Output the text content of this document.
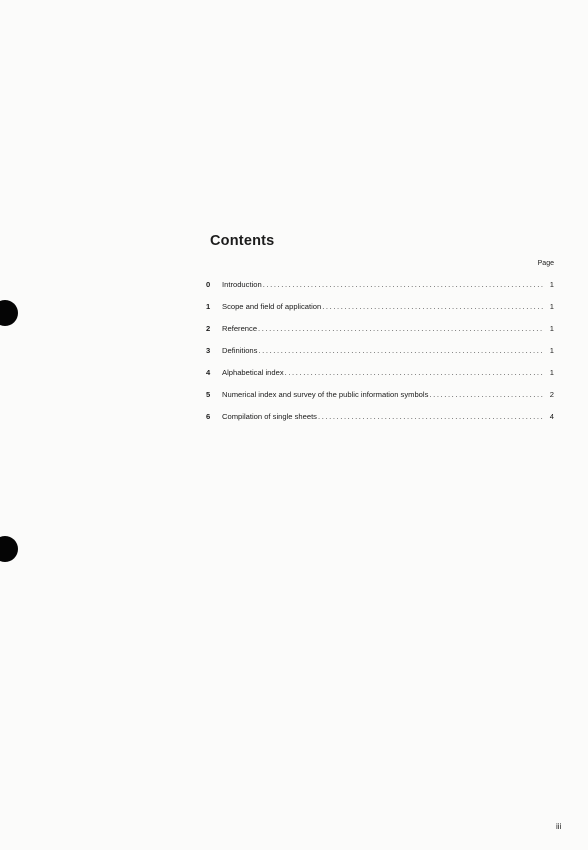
Contents
Page
0	Introduction .....	1
1	Scope and field of application .....	1
2	Reference .....	1
3	Definitions .....	1
4	Alphabetical index .....	1
5	Numerical index and survey of the public information symbols .....	2
6	Compilation of single sheets .....	4
iii
